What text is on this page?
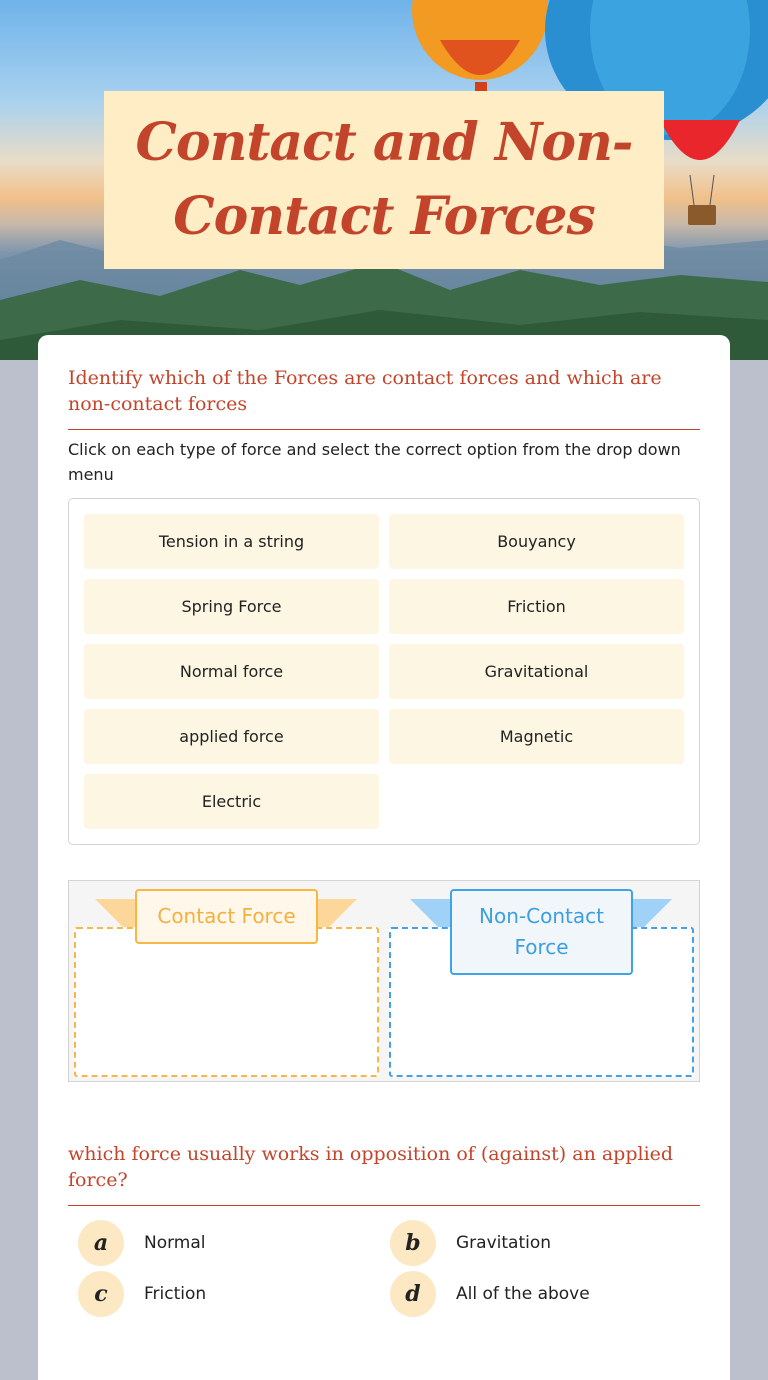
Contact and Non-Contact Forces
Identify which of the Forces are contact forces and which are non-contact forces
Click on each type of force and select the correct option from the drop down menu
Tension in a string	Bouyancy
Spring Force	Friction
Normal force	Gravitational
applied force	Magnetic
Electric
Contact Force	Non-Contact Force
which force usually works in opposition of (against) an applied force?
a	Normal	b	Gravitation
c	Friction	d	All of the above
